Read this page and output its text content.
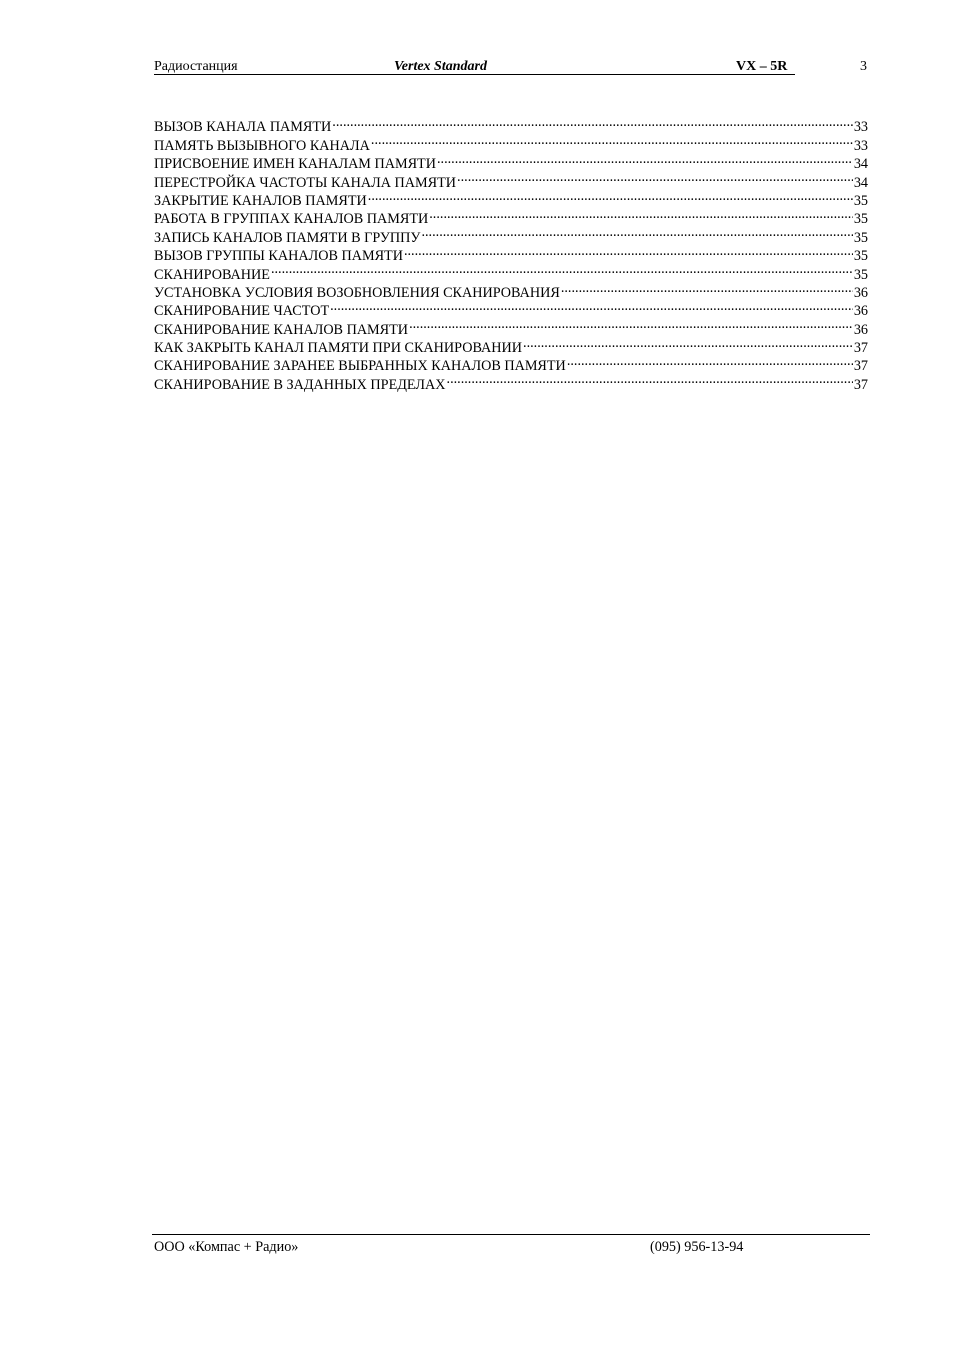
Радиостанция	Vertex Standard	VX – 5R	3
ВЫЗОВ КАНАЛА ПАМЯТИ .....	33
ПАМЯТЬ ВЫЗЫВНОГО КАНАЛА .....	33
ПРИСВОЕНИЕ ИМЕН КАНАЛАМ ПАМЯТИ .....	34
ПЕРЕСТРОЙКА ЧАСТОТЫ КАНАЛА ПАМЯТИ .....	34
ЗАКРЫТИЕ КАНАЛОВ ПАМЯТИ .....	35
РАБОТА В ГРУППАХ КАНАЛОВ ПАМЯТИ .....	35
ЗАПИСЬ КАНАЛОВ ПАМЯТИ В ГРУППУ .....	35
ВЫЗОВ ГРУППЫ КАНАЛОВ ПАМЯТИ .....	35
СКАНИРОВАНИЕ .....	35
УСТАНОВКА УСЛОВИЯ ВОЗОБНОВЛЕНИЯ СКАНИРОВАНИЯ .....	36
СКАНИРОВАНИЕ ЧАСТОТ .....	36
СКАНИРОВАНИЕ КАНАЛОВ ПАМЯТИ .....	36
КАК ЗАКРЫТЬ КАНАЛ ПАМЯТИ ПРИ СКАНИРОВАНИИ .....	37
СКАНИРОВАНИЕ ЗАРАНЕЕ ВЫБРАННЫХ КАНАЛОВ ПАМЯТИ .....	37
СКАНИРОВАНИЕ В ЗАДАННЫХ ПРЕДЕЛАХ .....	37
ООО «Компас + Радио»	(095) 956-13-94
